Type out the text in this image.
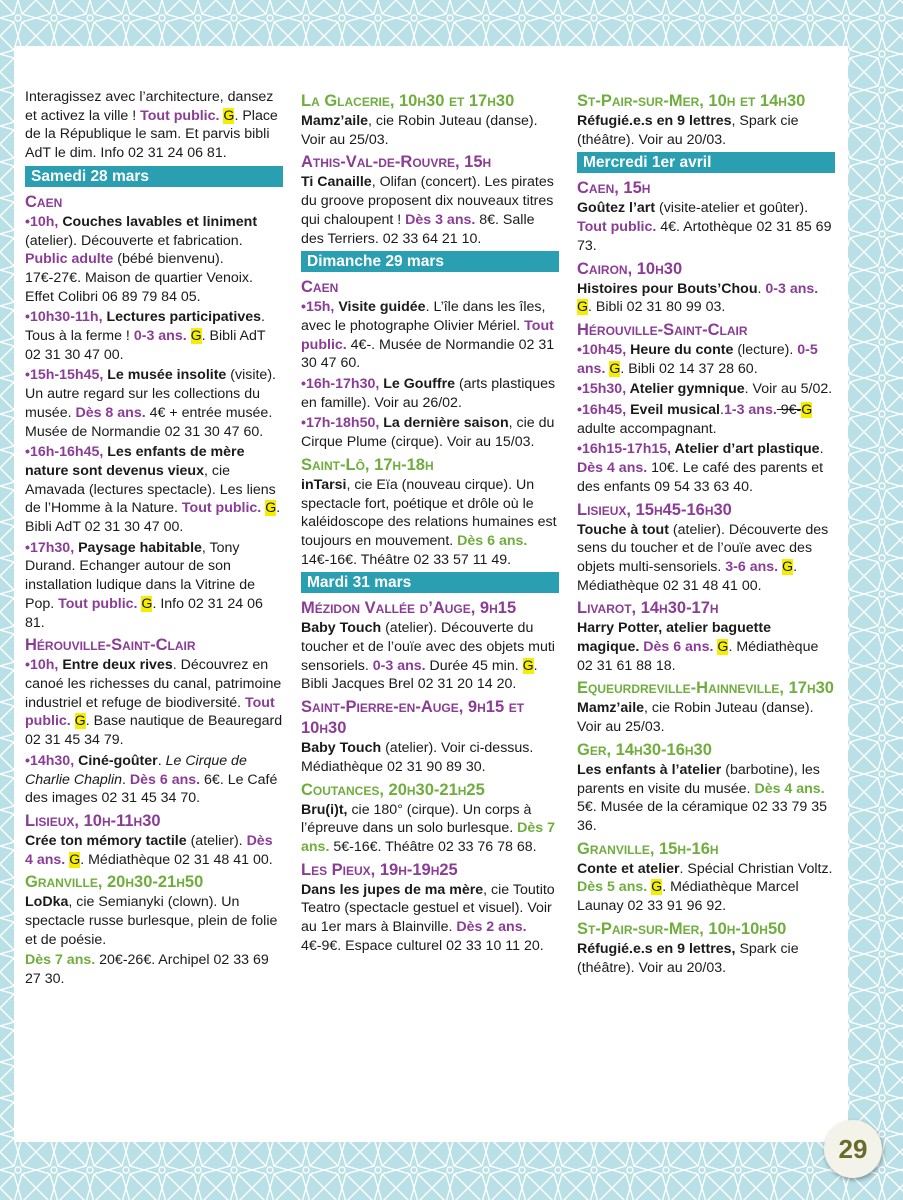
Interagissez avec l’architecture, dansez et activez la ville ! Tout public. G. Place de la République le sam. Et parvis bibli AdT le dim. Info 02 31 24 06 81.

Samedi 28 mars
Caen

•10h, Couches lavables et liniment (atelier). Découverte et fabrication. Public adulte (bébé bienvenu). 17€-27€. Maison de quartier Venoix. Effet Colibri 06 89 79 84 05.

•10h30-11h, Lectures participatives. Tous à la ferme ! 0-3 ans. G. Bibli AdT 02 31 30 47 00.

•15h-15h45, Le musée insolite (visite). Un autre regard sur les collections du musée. Dès 8 ans. 4€ + entrée musée. Musée de Normandie 02 31 30 47 60.

•16h-16h45, Les enfants de mère nature sont devenus vieux, cie Amavada (lectures spectacle). Les liens de l’Homme à la Nature. Tout public. G. Bibli AdT 02 31 30 47 00.

•17h30, Paysage habitable, Tony Durand. Echanger autour de son installation ludique dans la Vitrine de Pop. Tout public. G. Info 02 31 24 06 81.

Hérouville-Saint-Clair

•10h, Entre deux rives. Découvrez en canoé les richesses du canal, patrimoine industriel et refuge de biodiversité. Tout public. G. Base nautique de Beauregard 02 31 45 34 79.

•14h30, Ciné-goûter. Le Cirque de Charlie Chaplin. Dès 6 ans. 6€. Le Café des images 02 31 45 34 70.

Lisieux, 10h-11h30

Crée ton mémory tactile (atelier). Dès 4 ans. G. Médiathèque 02 31 48 41 00.

Granville, 20h30-21h50

LoDka, cie Semianyki (clown). Un spectacle russe burlesque, plein de folie et de poésie.

Dès 7 ans. 20€-26€. Archipel 02 33 69 27 30.

La Glacerie, 10h30 et 17h30

Mamz’aile, cie Robin Juteau (danse). Voir au 25/03.

Athis-Val-de-Rouvre, 15h

Ti Canaille, Olifan (concert). Les pirates du groove proposent dix nouveaux titres qui chaloupent ! Dès 3 ans. 8€. Salle des Terriers. 02 33 64 21 10.

Dimanche 29 mars
Caen

•15h, Visite guidée. L’île dans les îles, avec le photographe Olivier Mériel. Tout public. 4€-. Musée de Normandie 02 31 30 47 60.

•16h-17h30, Le Gouffre (arts plastiques en famille). Voir au 26/02.

•17h-18h50, La dernière saison, cie du Cirque Plume (cirque). Voir au 15/03.

Saint-Lô, 17h-18h

inTarsi, cie Eïa (nouveau cirque). Un spectacle fort, poétique et drôle où le kaléidoscope des relations humaines est toujours en mouvement. Dès 6 ans. 14€-16€. Théâtre 02 33 57 11 49.

Mardi 31 mars
Mézidon Vallée d’Auge, 9h15

Baby Touch (atelier). Découverte du toucher et de l’ouïe avec des objets muti sensoriels. 0-3 ans. Durée 45 min. G. Bibli Jacques Brel 02 31 20 14 20.

Saint-Pierre-en-Auge, 9h15 et 10h30

Baby Touch (atelier). Voir ci-dessus. Médiathèque 02 31 90 89 30.

Coutances, 20h30-21h25

Bru(i)t, cie 180° (cirque). Un corps à l’épreuve dans un solo burlesque. Dès 7 ans. 5€-16€. Théâtre 02 33 76 78 68.

Les Pieux, 19h-19h25

Dans les jupes de ma mère, cie Toutito Teatro (spectacle gestuel et visuel). Voir au 1er mars à Blainville. Dès 2 ans. 4€-9€. Espace culturel 02 33 10 11 20.

St-Pair-sur-Mer, 10h et 14h30

Réfugié.e.s en 9 lettres, Spark cie (théâtre). Voir au 20/03.

Mercredi 1er avril
Caen, 15h

Goûtez l’art (visite-atelier et goûter). Tout public. 4€. Artothèque 02 31 85 69 73.

Cairon, 10h30

Histoires pour Bouts’Chou. 0-3 ans. G. Bibli 02 31 80 99 03.

Hérouville-Saint-Clair

•10h45, Heure du conte (lecture). 0-5 ans. G. Bibli 02 14 37 28 60.

•15h30, Atelier gymnique. Voir au 5/02.

•16h45, Eveil musical.1-3 ans. 9€-G adulte accompagnant.

•16h15-17h15, Atelier d’art plastique. Dès 4 ans. 10€. Le café des parents et des enfants 09 54 33 63 40.

Lisieux, 15h45-16h30

Touche à tout (atelier). Découverte des sens du toucher et de l’ouïe avec des objets multi-sensoriels. 3-6 ans. G. Médiathèque 02 31 48 41 00.

Livarot, 14h30-17h

Harry Potter, atelier baguette magique. Dès 6 ans. G. Médiathèque 02 31 61 88 18.

Equeurdreville-Hainneville, 17h30

Mamz’aile, cie Robin Juteau (danse). Voir au 25/03.

Ger, 14h30-16h30

Les enfants à l’atelier (barbotine), les parents en visite du musée. Dès 4 ans. 5€. Musée de la céramique 02 33 79 35 36.

Granville, 15h-16h

Conte et atelier. Spécial Christian Voltz. Dès 5 ans. G. Médiathèque Marcel Launay 02 33 91 96 92.

St-Pair-sur-Mer, 10h-10h50

Réfugié.e.s en 9 lettres, Spark cie (théâtre). Voir au 20/03.

29
